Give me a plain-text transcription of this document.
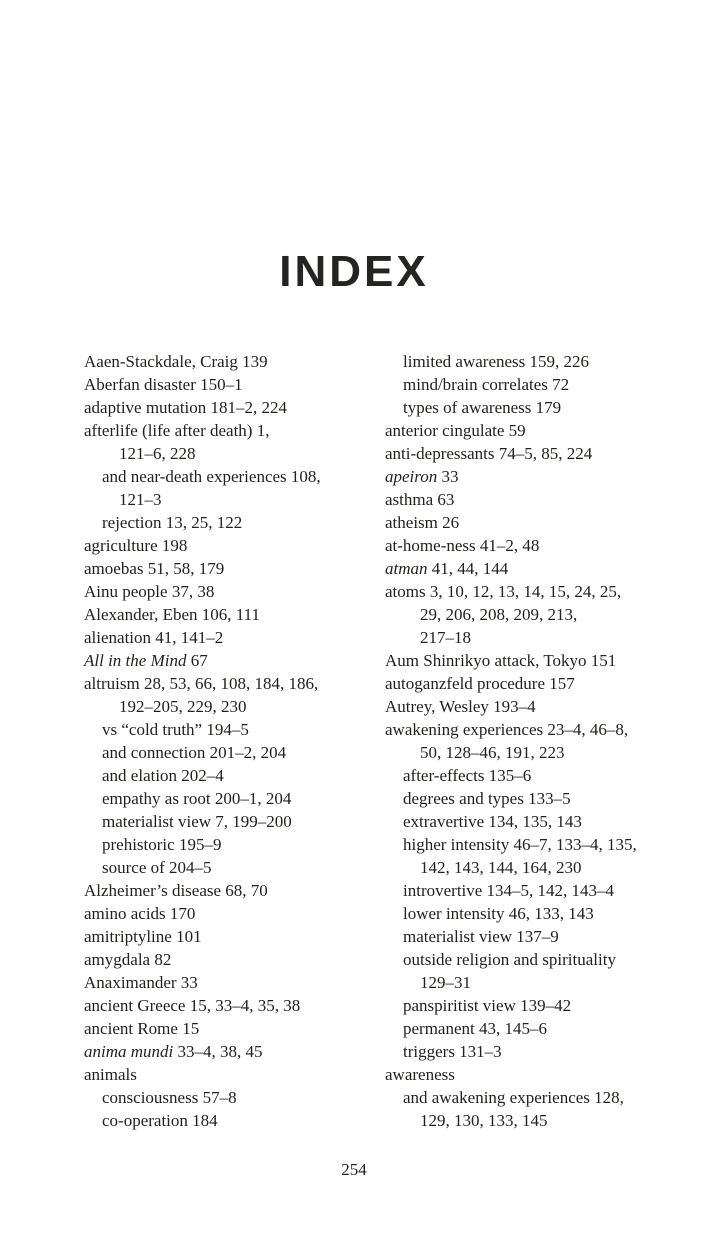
INDEX
Aaen-Stackdale, Craig 139
Aberfan disaster 150–1
adaptive mutation 181–2, 224
afterlife (life after death) 1,
121–6, 228
and near-death experiences 108,
121–3
rejection 13, 25, 122
agriculture 198
amoebas 51, 58, 179
Ainu people 37, 38
Alexander, Eben 106, 111
alienation 41, 141–2
All in the Mind 67
altruism 28, 53, 66, 108, 184, 186,
192–205, 229, 230
vs “cold truth” 194–5
and connection 201–2, 204
and elation 202–4
empathy as root 200–1, 204
materialist view 7, 199–200
prehistoric 195–9
source of 204–5
Alzheimer’s disease 68, 70
amino acids 170
amitriptyline 101
amygdala 82
Anaximander 33
ancient Greece 15, 33–4, 35, 38
ancient Rome 15
anima mundi 33–4, 38, 45
animals
consciousness 57–8
co-operation 184
limited awareness 159, 226
mind/brain correlates 72
types of awareness 179
anterior cingulate 59
anti-depressants 74–5, 85, 224
apeiron 33
asthma 63
atheism 26
at-home-ness 41–2, 48
atman 41, 44, 144
atoms 3, 10, 12, 13, 14, 15, 24, 25,
29, 206, 208, 209, 213,
217–18
Aum Shinrikyo attack, Tokyo 151
autoganzfeld procedure 157
Autrey, Wesley 193–4
awakening experiences 23–4, 46–8,
50, 128–46, 191, 223
after-effects 135–6
degrees and types 133–5
extravertive 134, 135, 143
higher intensity 46–7, 133–4, 135,
142, 143, 144, 164, 230
introvertive 134–5, 142, 143–4
lower intensity 46, 133, 143
materialist view 137–9
outside religion and spirituality
129–31
panspiritist view 139–42
permanent 43, 145–6
triggers 131–3
awareness
and awakening experiences 128,
129, 130, 133, 145
254
